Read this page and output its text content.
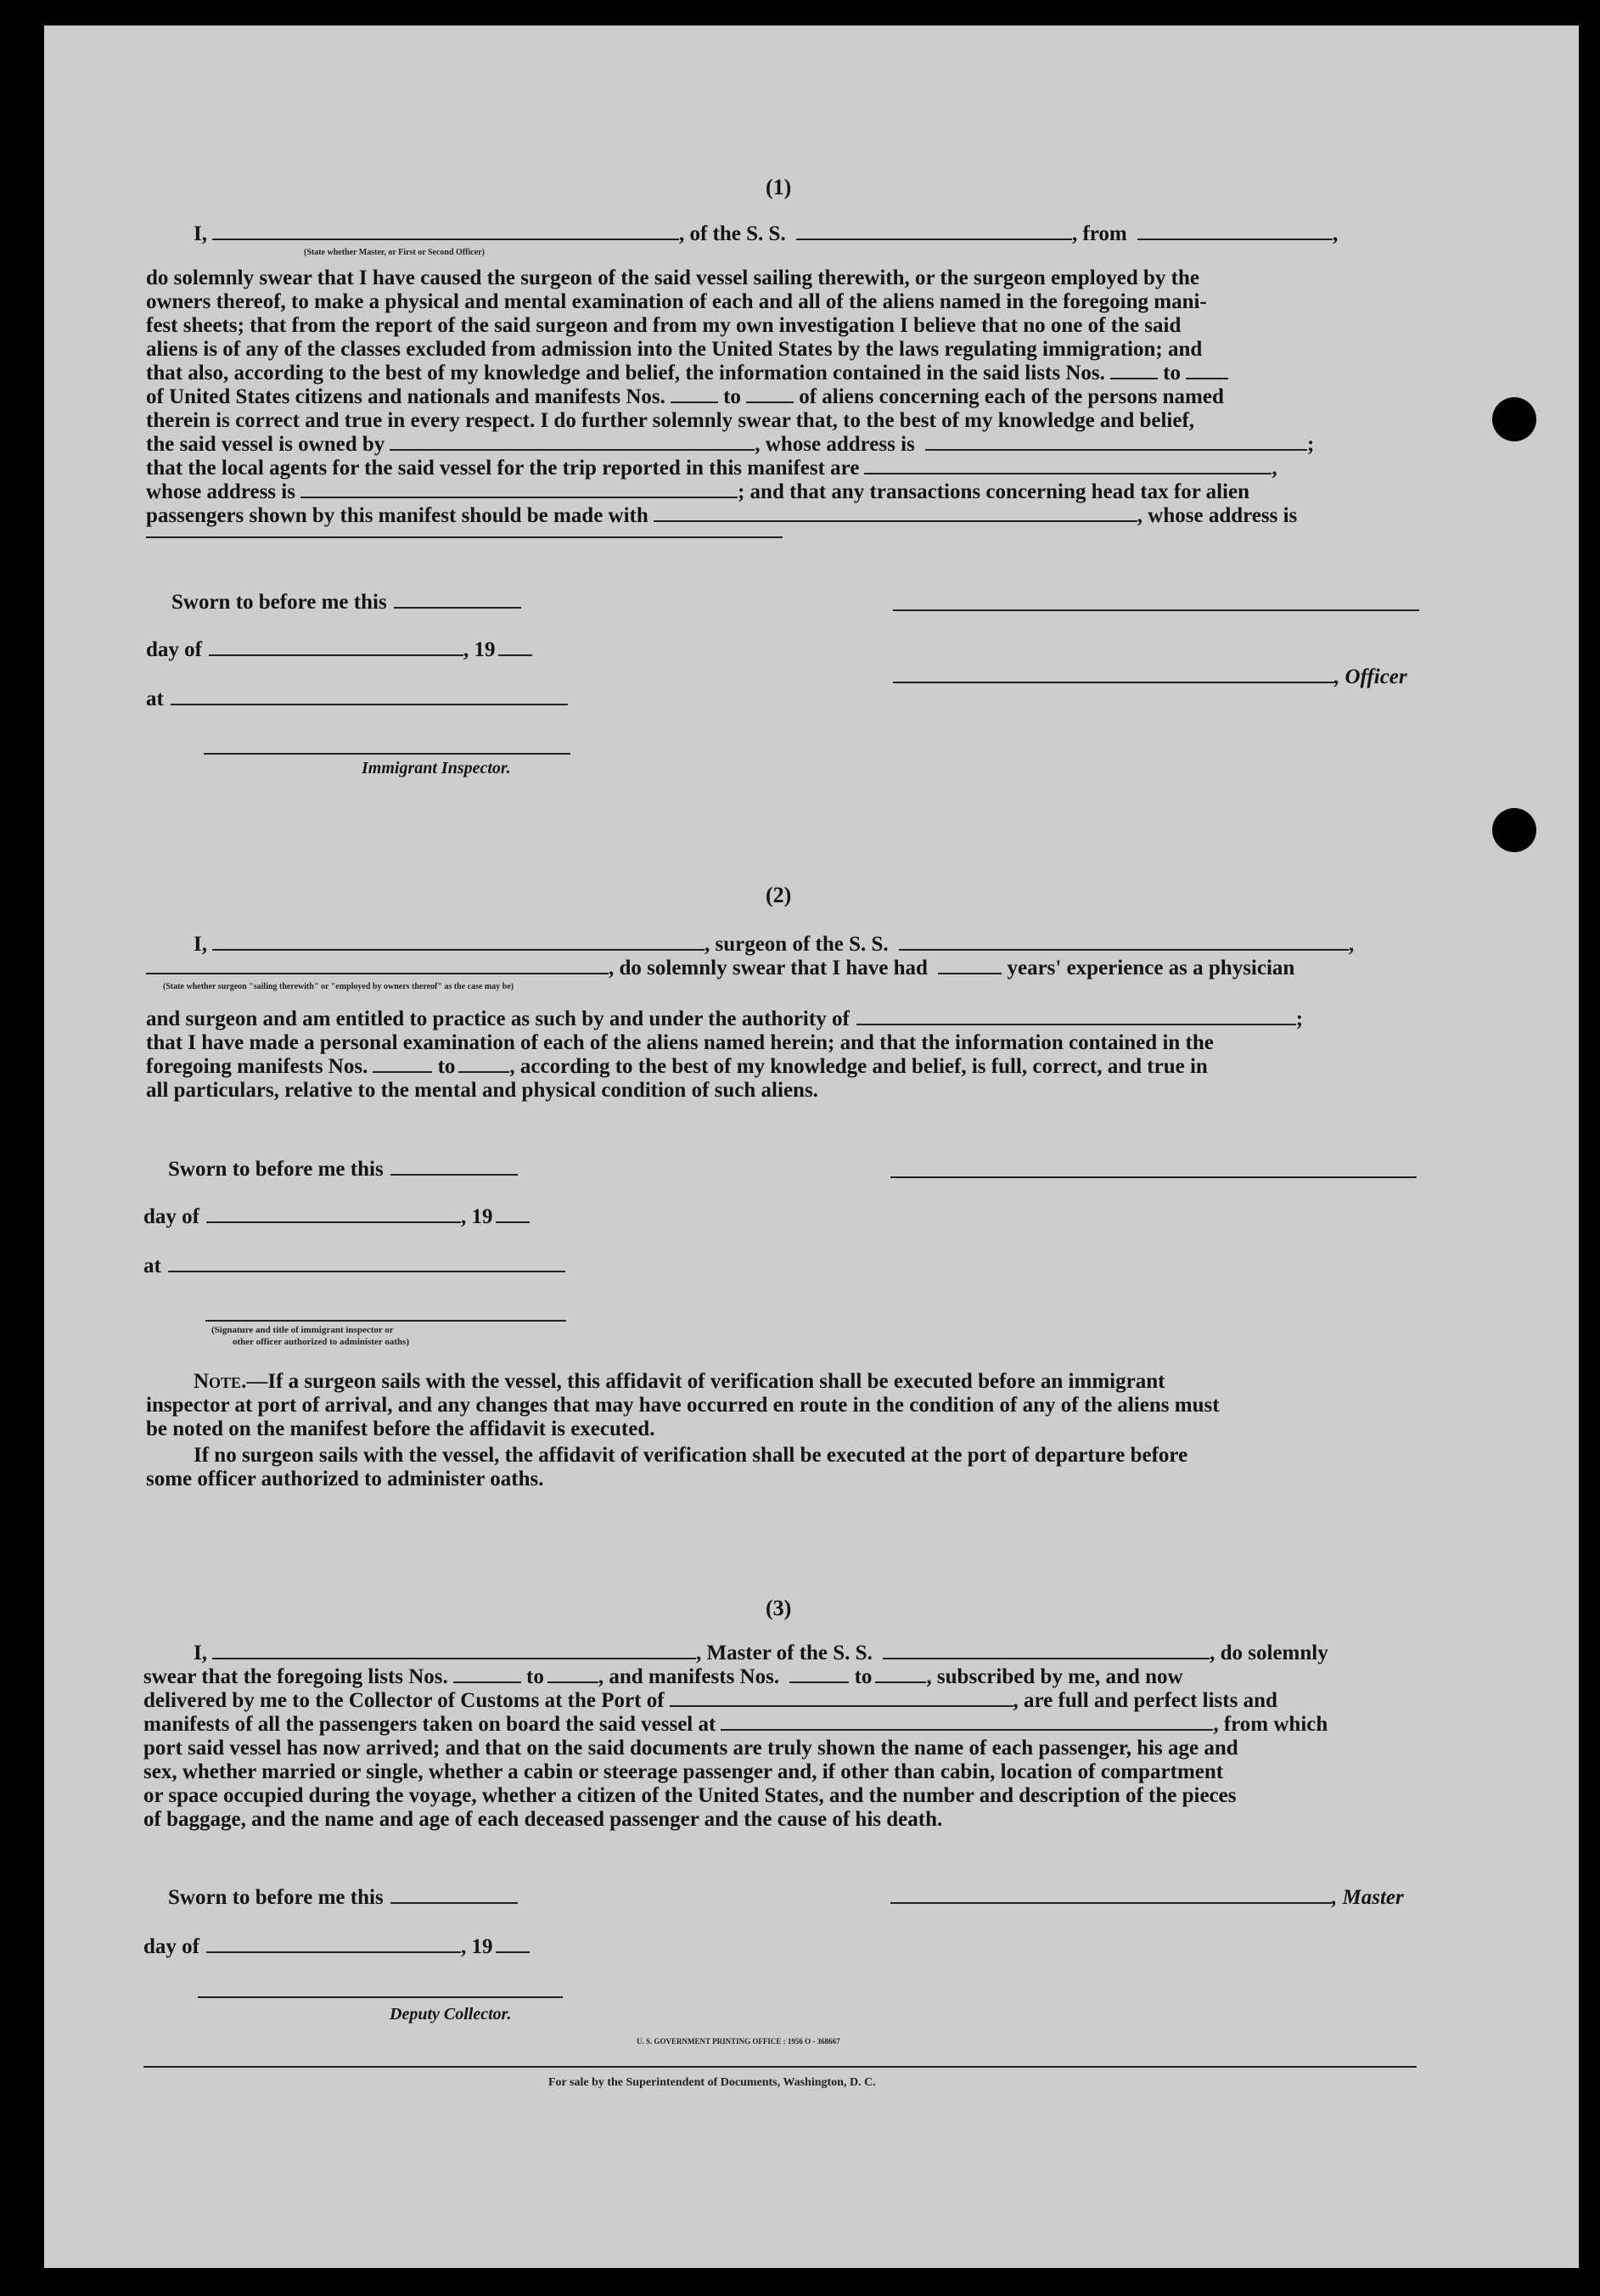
(1)
I,	, of the S. S.	, from	,
(State whether Master, or First or Second Officer)
do solemnly swear that I have caused the surgeon of the said vessel sailing therewith, or the surgeon employed by the
owners thereof, to make a physical and mental examination of each and all of the aliens named in the foregoing mani-
fest sheets; that from the report of the said surgeon and from my own investigation I believe that no one of the said
aliens is of any of the classes excluded from admission into the United States by the laws regulating immigration; and
that also, according to the best of my knowledge and belief, the information contained in the said lists Nos.	to
of United States citizens and nationals and manifests Nos.	to	of aliens concerning each of the persons named
therein is correct and true in every respect. I do further solemnly swear that, to the best of my knowledge and belief,
the said vessel is owned by	, whose address is	;
that the local agents for the said vessel for the trip reported in this manifest are	,
whose address is	; and that any transactions concerning head tax for alien
passengers shown by this manifest should be made with	, whose address is
Sworn to before me this
day of	, 19
, Officer
at
Immigrant Inspector.
(2)
I,	, surgeon of the S. S.	,
, do solemnly swear that I have had	years' experience as a physician
(State whether surgeon "sailing therewith" or "employed by owners thereof" as the case may be)
and surgeon and am entitled to practice as such by and under the authority of	;
that I have made a personal examination of each of the aliens named herein; and that the information contained in the
foregoing manifests Nos.	to	, according to the best of my knowledge and belief, is full, correct, and true in
all particulars, relative to the mental and physical condition of such aliens.
Sworn to before me this
day of	, 19
at
(Signature and title of immigrant inspector or
other officer authorized to administer oaths)
Note.—If a surgeon sails with the vessel, this affidavit of verification shall be executed before an immigrant
inspector at port of arrival, and any changes that may have occurred en route in the condition of any of the aliens must
be noted on the manifest before the affidavit is executed.
If no surgeon sails with the vessel, the affidavit of verification shall be executed at the port of departure before
some officer authorized to administer oaths.
(3)
I,	, Master of the S. S.	, do solemnly
swear that the foregoing lists Nos.	to	, and manifests Nos.	to	, subscribed by me, and now
delivered by me to the Collector of Customs at the Port of	, are full and perfect lists and
manifests of all the passengers taken on board the said vessel at	, from which
port said vessel has now arrived; and that on the said documents are truly shown the name of each passenger, his age and
sex, whether married or single, whether a cabin or steerage passenger and, if other than cabin, location of compartment
or space occupied during the voyage, whether a citizen of the United States, and the number and description of the pieces
of baggage, and the name and age of each deceased passenger and the cause of his death.
Sworn to before me this	, Master
day of	, 19
Deputy Collector.
U. S. GOVERNMENT PRINTING OFFICE : 1956 O - 368667
For sale by the Superintendent of Documents, Washington, D. C.
